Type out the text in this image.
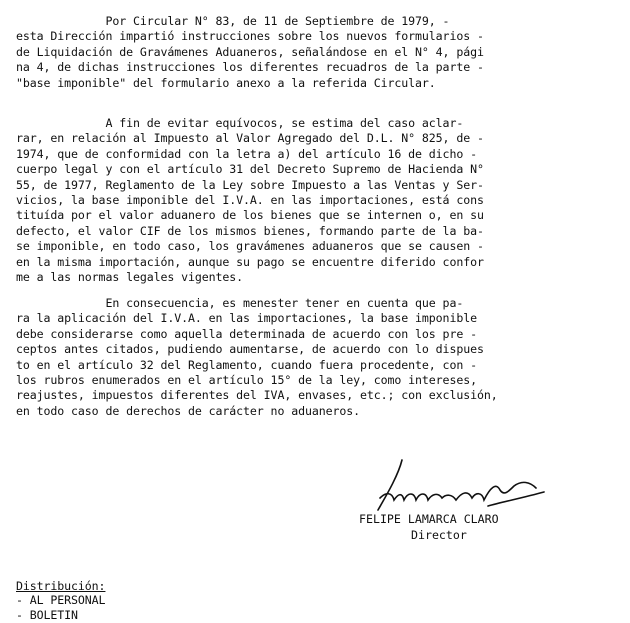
Por Circular N° 83, de 11 de Septiembre de 1979, -
esta Dirección impartió instrucciones sobre los nuevos formularios -
de Liquidación de Gravámenes Aduaneros, señalándose en el N° 4, pági
na 4, de dichas instrucciones los diferentes recuadros de la parte -
"base imponible" del formulario anexo a la referida Circular.
A fin de evitar equívocos, se estima del caso aclar-
rar, en relación al Impuesto al Valor Agregado del D.L. N° 825, de -
1974, que de conformidad con la letra a) del artículo 16 de dicho -
cuerpo legal y con el artículo 31 del Decreto Supremo de Hacienda N°
55, de 1977, Reglamento de la Ley sobre Impuesto a las Ventas y Ser-
vicios, la base imponible del I.V.A. en las importaciones, está cons
tituída por el valor aduanero de los bienes que se internen o, en su
defecto, el valor CIF de los mismos bienes, formando parte de la ba-
se imponible, en todo caso, los gravámenes aduaneros que se causen -
en la misma importación, aunque su pago se encuentre diferido confor
me a las normas legales vigentes.
En consecuencia, es menester tener en cuenta que pa-
ra la aplicación del I.V.A. en las importaciones, la base imponible
debe considerarse como aquella determinada de acuerdo con los pre -
ceptos antes citados, pudiendo aumentarse, de acuerdo con lo dispues
to en el artículo 32 del Reglamento, cuando fuera procedente, con -
los rubros enumerados en el artículo 15° de la ley, como intereses,
reajustes, impuestos diferentes del IVA, envases, etc.; con exclusión,
en todo caso de derechos de carácter no aduaneros.
FELIPE LAMARCA CLARO
Director
Distribución:
- AL PERSONAL
- BOLETIN
